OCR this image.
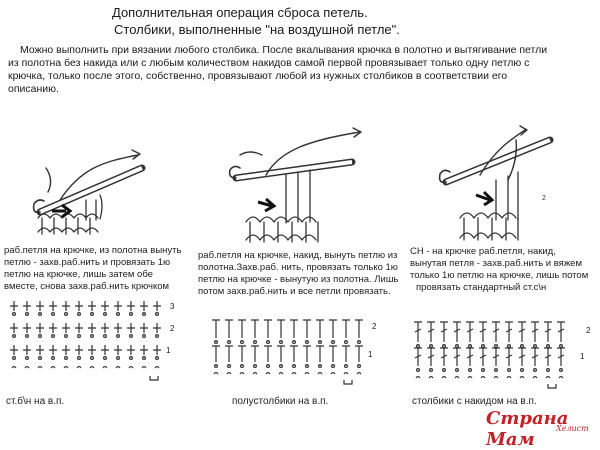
Дополнительная операция сброса петель.
Столбики, выполненные "на воздушной петле".
Можно выполнить при вязании любого столбика. После вкалывания крючка в полотно и вытягивание петли
из полотна без накида или с любым количеством накидов самой первой провязывает только одну петлю с
крючка, только после этого, собственно, провязывают любой из нужных столбиков в соответствии его
описанию.
2
раб.петля на крючке, из полотна вынуть
петлю - захв.раб.нить и провязать 1ю
петлю на крючке, лишь затем обе
вместе, снова захв.раб.нить крючком
раб.петля на крючке, накид, вынуть петлю из
полотна.Захв.раб. нить, провязать только 1ю
петлю на крючке - вынутую из полотна. Лишь
потом захв.раб.нить и все петли провязать.
СН - на крючке раб.петля, накид,
вынутая петля - захв.раб.нить и вяжем
только 1ю петлю на крючке, лишь потом
провязать стандартный ст.с\н
3
2
1
2
1
2
1
ст.б\н на в.п.	полустолбики на в.п.	столбики с накидом на в.п.
Страна Мам
Хелист
